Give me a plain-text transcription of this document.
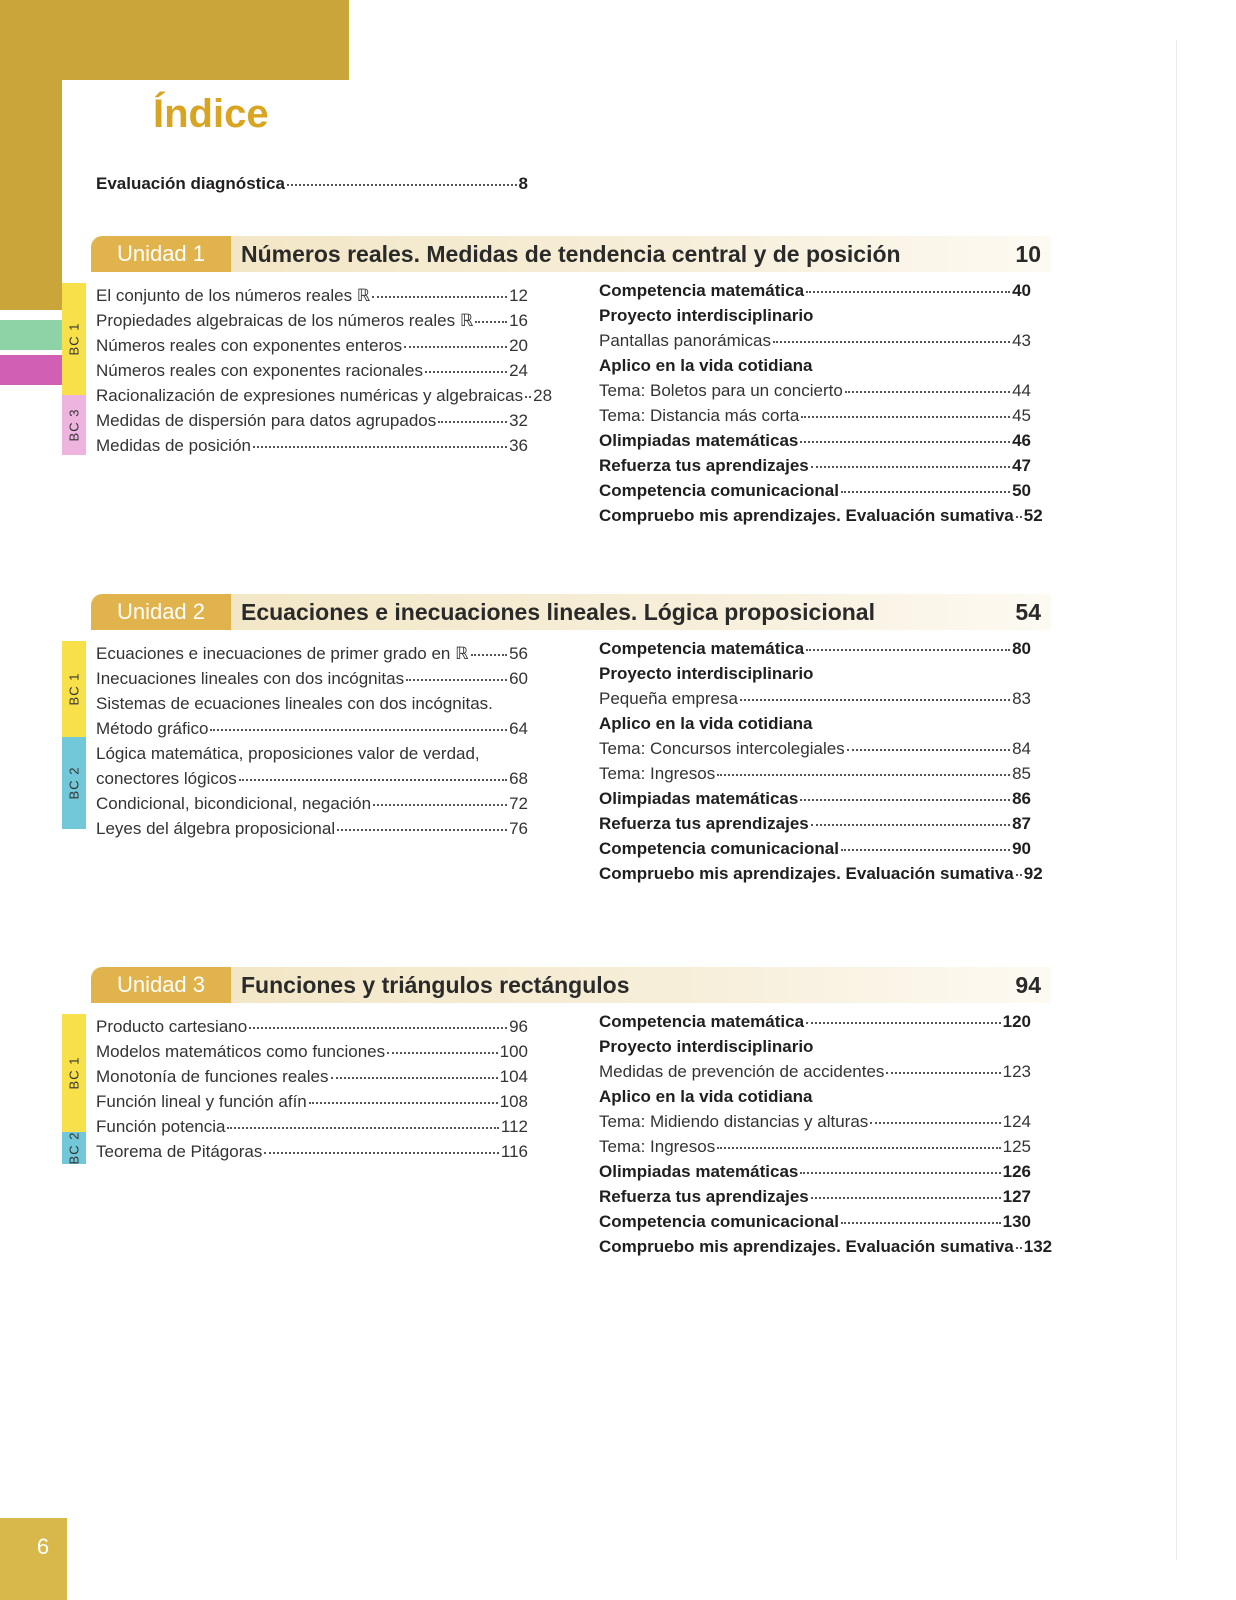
Índice
Evaluación diagnóstica	8
Unidad 1	Números reales. Medidas de tendencia central y de posición	10
BC 1
BC 3
El conjunto de los números reales ℝ	12
Propiedades algebraicas de los números reales ℝ 16
Números reales con exponentes enteros	20
Números reales con exponentes racionales	24
Racionalización de expresiones numéricas y algebraicas 28
Medidas de dispersión para datos agrupados	32
Medidas de posición	36
Competencia matemática	40
Proyecto interdisciplinario
Pantallas panorámicas	43
Aplico en la vida cotidiana
Tema: Boletos para un concierto	44
Tema: Distancia más corta	45
Olimpiadas matemáticas	46
Refuerza tus aprendizajes	47
Competencia comunicacional	50
Compruebo mis aprendizajes. Evaluación sumativa 52
Unidad 2	Ecuaciones e inecuaciones lineales. Lógica proposicional	54
BC 1
BC 2
Ecuaciones e inecuaciones de primer grado en ℝ 56
Inecuaciones lineales con dos incógnitas	60
Sistemas de ecuaciones lineales con dos incógnitas.
Método gráfico	64
Lógica matemática, proposiciones valor de verdad,
conectores lógicos	68
Condicional, bicondicional, negación	72
Leyes del álgebra proposicional	76
Competencia matemática	80
Proyecto interdisciplinario
Pequeña empresa	83
Aplico en la vida cotidiana
Tema: Concursos intercolegiales	84
Tema: Ingresos	85
Olimpiadas matemáticas	86
Refuerza tus aprendizajes	87
Competencia comunicacional	90
Compruebo mis aprendizajes. Evaluación sumativa 92
Unidad 3	Funciones y triángulos rectángulos	94
BC 1
BC 2
Producto cartesiano	96
Modelos matemáticos como funciones	100
Monotonía de funciones reales	104
Función lineal y función afín	108
Función potencia	112
Teorema de Pitágoras	116
Competencia matemática	120
Proyecto interdisciplinario
Medidas de prevención de accidentes	123
Aplico en la vida cotidiana
Tema: Midiendo distancias y alturas	124
Tema: Ingresos	125
Olimpiadas matemáticas	126
Refuerza tus aprendizajes	127
Competencia comunicacional	130
Compruebo mis aprendizajes. Evaluación sumativa 132
6
